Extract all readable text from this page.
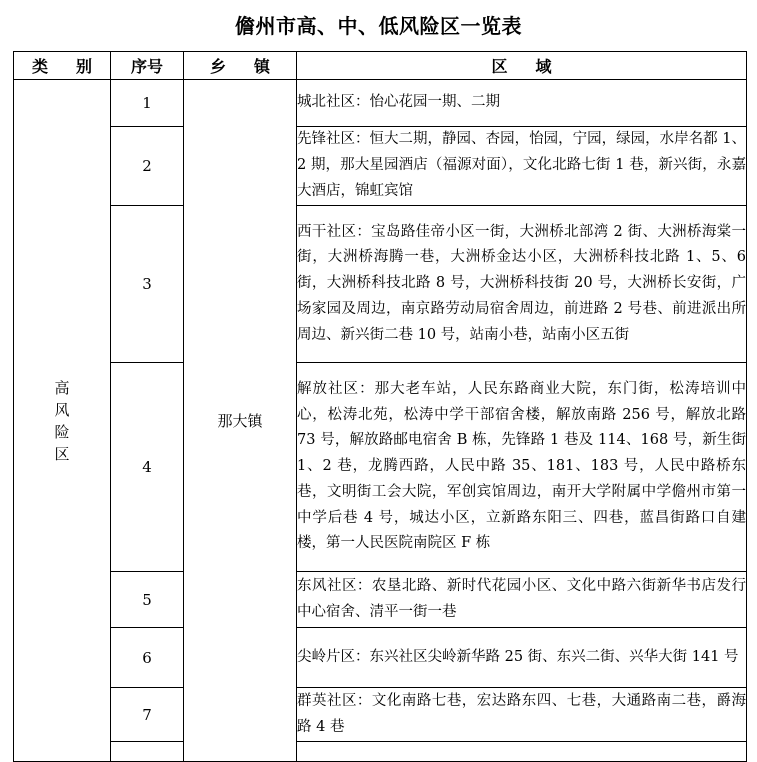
儋州市高、中、低风险区一览表
类 别	序号	乡 镇	区 域

高风险区	1	那大镇	城北社区：怡心花园一期、二期
	2		先锋社区：恒大二期，静园、杏园，怡园，宁园，绿园，水岸名都 1、2 期，那大星园酒店（福源对面），文化北路七街 1 巷，新兴街，永嘉大酒店，锦虹宾馆
	3		西干社区：宝岛路佳帝小区一街，大洲桥北部湾 2 街、大洲桥海棠一街，大洲桥海腾一巷，大洲桥金达小区，大洲桥科技北路 1、5、6 街，大洲桥科技北路 8 号，大洲桥科技街 20 号，大洲桥长安街，广场家园及周边，南京路劳动局宿舍周边，前进路 2 号巷、前进派出所周边、新兴街二巷 10 号，站南小巷，站南小区五街
	4		解放社区：那大老车站，人民东路商业大院，东门街，松涛培训中心，松涛北苑，松涛中学干部宿舍楼，解放南路 256 号，解放北路 73 号，解放路邮电宿舍 B 栋，先锋路 1 巷及 114、168 号，新生街 1、2 巷，龙腾西路，人民中路 35、181、183 号，人民中路桥东巷，文明街工会大院，军创宾馆周边，南开大学附属中学儋州市第一中学后巷 4 号，城达小区，立新路东阳三、四巷，蓝昌街路口自建楼，第一人民医院南院区 F 栋
	5		东风社区：农垦北路、新时代花园小区、文化中路六街新华书店发行中心宿舍、清平一街一巷
	6		尖岭片区：东兴社区尖岭新华路 25 街、东兴二街、兴华大街 141 号
	7		群英社区：文化南路七巷，宏达路东四、七巷，大通路南二巷，爵海路 4 巷
